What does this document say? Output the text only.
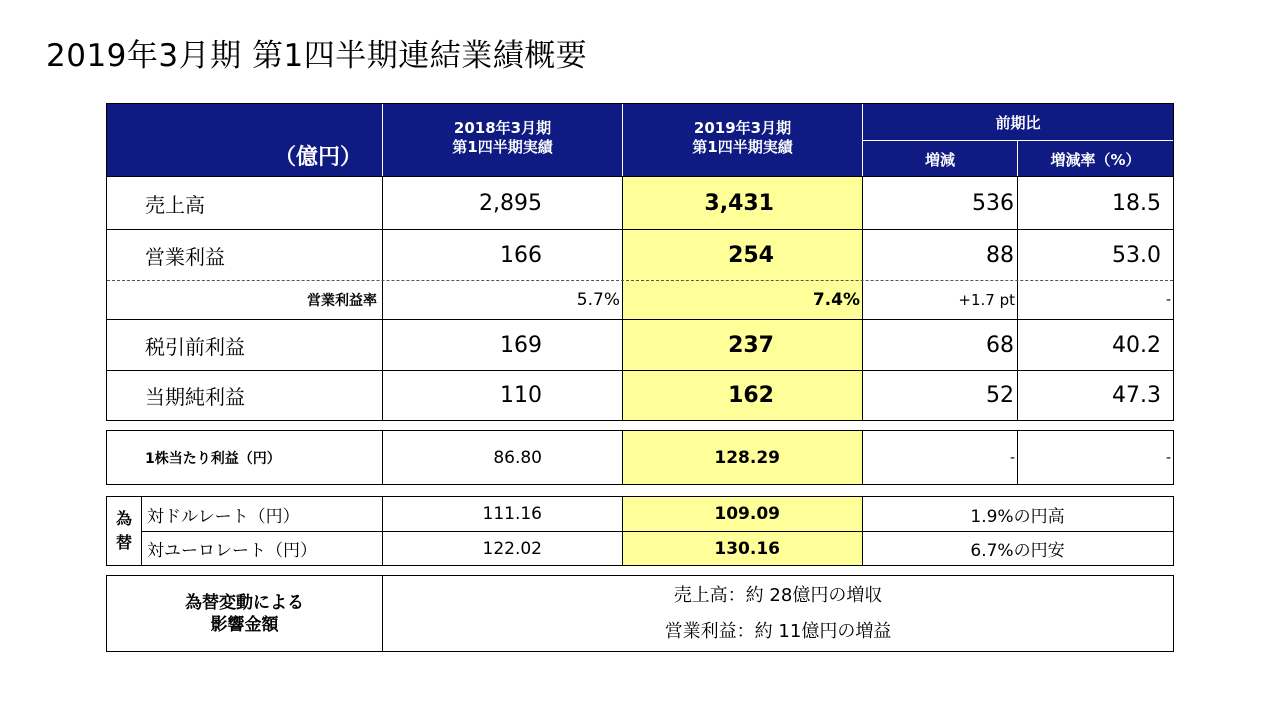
2019年3月期 第1四半期連結業績概要
（億円）
2018年3月期
第1四半期実績
2019年3月期
第1四半期実績
前期比
増減	増減率（%）
売上高	2,895	3,431	536	18.5
営業利益	166	254	88	53.0
営業利益率	5.7%	7.4%	+1.7 pt	-
税引前利益	169	237	68	40.2
当期純利益	110	162	52	47.3
1株当たり利益（円）	86.80	128.29	-	-
為
替
対ドルレート（円）	111.16	109.09	1.9%の円高
対ユーロレート（円）	122.02	130.16	6.7%の円安
為替変動による
影響金額
売上高：約 28億円の増収
営業利益：約 11億円の増益
